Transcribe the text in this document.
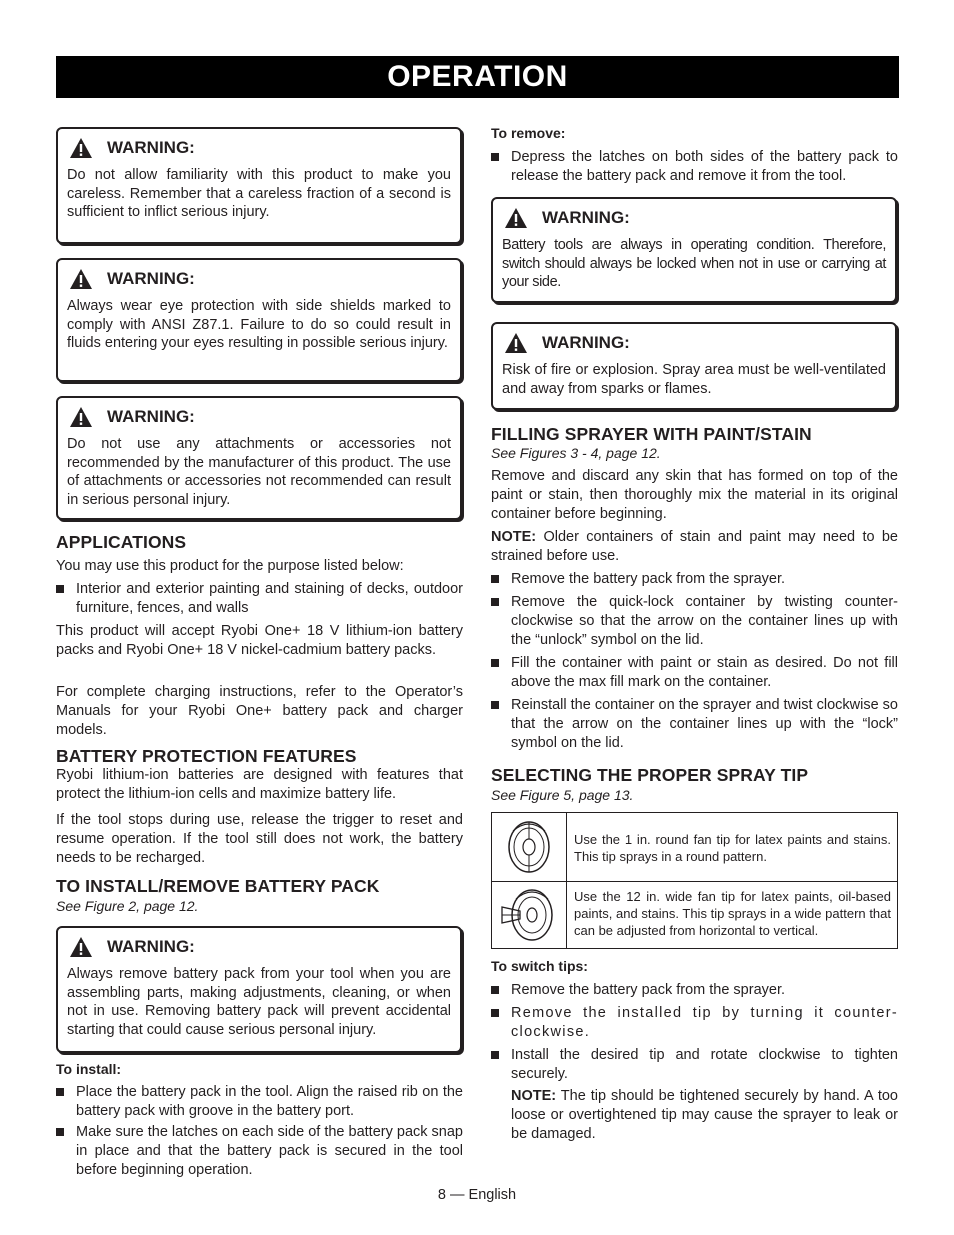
OPERATION
WARNING:
Do not allow familiarity with this product to make you careless. Remember that a careless fraction of a second is sufficient to inflict serious injury.
WARNING:
Always wear eye protection with side shields marked to comply with ANSI Z87.1. Failure to do so could result in fluids entering your eyes resulting in possible serious injury.
WARNING:
Do not use any attachments or accessories not recommended by the manufacturer of this product. The use of attachments or accessories not recommended can result in serious personal injury.
APPLICATIONS
You may use this product for the purpose listed below:
Interior and exterior painting and staining of decks, outdoor furniture, fences, and walls
This product will accept Ryobi One+ 18 V lithium-ion battery packs and Ryobi One+ 18 V nickel-cadmium battery packs.
For complete charging instructions, refer to the Operator’s Manuals for your Ryobi One+ battery pack and charger models.
BATTERY PROTECTION FEATURES
Ryobi lithium-ion batteries are designed with features that protect the lithium-ion cells and maximize battery life.
If the tool stops during use, release the trigger to reset and resume operation. If the tool still does not work, the battery needs to be recharged.
TO INSTALL/REMOVE BATTERY PACK
See Figure 2, page 12.
WARNING:
Always remove battery pack from your tool when you are assembling parts, making adjustments, cleaning, or when not in use. Removing battery pack will prevent accidental starting that could cause serious personal injury.
To install:
Place the battery pack in the tool. Align the raised rib on the battery pack with groove in the battery port.
Make sure the latches on each side of the battery pack snap in place and that the battery pack is secured in the tool before beginning operation.
To remove:
Depress the latches on both sides of the battery pack to release the battery pack and remove it from the tool.
WARNING:
Battery tools are always in operating condition. Therefore, switch should always be locked when not in use or carrying at your side.
WARNING:
Risk of fire or explosion. Spray area must be well-ventilated and away from sparks or flames.
FILLING SPRAYER WITH PAINT/STAIN
See Figures 3 - 4, page 12.
Remove and discard any skin that has formed on top of the paint or stain, then thoroughly mix the material in its original container before beginning.
NOTE: Older containers of stain and paint may need to be strained before use.
Remove the battery pack from the sprayer.
Remove the quick-lock container by twisting counter-clockwise so that the arrow on the container lines up with the “unlock” symbol on the lid.
Fill the container with paint or stain as desired. Do not fill above the max fill mark on the container.
Reinstall the container on the sprayer and twist clockwise so that the arrow on the container lines up with the “lock” symbol on the lid.
SELECTING THE PROPER SPRAY TIP
See Figure 5, page 13.
Use the 1 in. round fan tip for latex paints and stains. This tip sprays in a round pattern.
Use the 12 in. wide fan tip for latex paints, oil-based paints, and stains. This tip sprays in a wide pattern that can be adjusted from horizontal to vertical.
To switch tips:
Remove the battery pack from the sprayer.
Remove the installed tip by turning it counter-clockwise.
Install the desired tip and rotate clockwise to tighten securely.
NOTE: The tip should be tightened securely by hand. A too loose or overtightened tip may cause the sprayer to leak or be damaged.
8 — English
